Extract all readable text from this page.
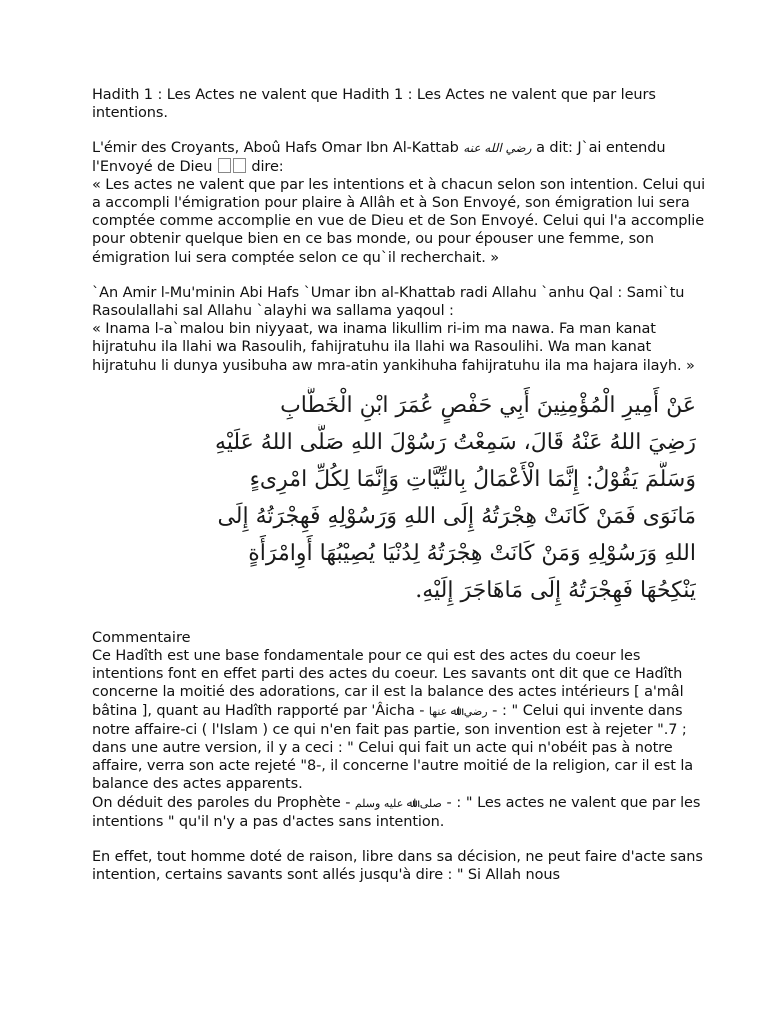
Hadith 1 : Les Actes ne valent que Hadith 1 : Les Actes ne valent que par leurs intentions.

L'émir des Croyants, Aboû Hafs Omar Ibn Al-Kattab رضي الله عنه a dit: J`ai entendu l'Envoyé de Dieu  dire:
« Les actes ne valent que par les intentions et à chacun selon son intention. Celui qui a accompli l'émigration pour plaire à Allâh et à Son Envoyé, son émigration lui sera comptée comme accomplie en vue de Dieu et de Son Envoyé. Celui qui l'a accomplie pour obtenir quelque bien en ce bas monde, ou pour épouser une femme, son émigration lui sera comptée selon ce qu`il recherchait. »

`An Amir l-Mu'minin Abi Hafs `Umar ibn al-Khattab radi Allahu `anhu Qal : Sami`tu Rasoulallahi sal Allahu `alayhi wa sallama yaqoul :
« Inama l-a`malou bin niyyaat, wa inama likullim ri-im ma nawa. Fa man kanat hijratuhu ila llahi wa Rasoulih, fahijratuhu ila llahi wa Rasoulihi. Wa man kanat hijratuhu li dunya yusibuha aw mra-atin yankihuha fahijratuhu ila ma hajara ilayh. »

عَنْ أَمِيرِ الْمُؤْمِنِينَ أَبِي حَفْصٍ عُمَرَ ابْنِ الْخَطَّابِ
رَضِيَ اللهُ عَنْهُ قَالَ، سَمِعْتُ رَسُوْلَ اللهِ صَلَّى اللهُ عَلَيْهِ
وَسَلَّمَ يَقُوْلُ: إِنَّمَا الْأَعْمَالُ بِالنِّيَّاتِ وَإِنَّمَا لِكُلِّ امْرِىءٍ
مَانَوَى فَمَنْ كَانَتْ هِجْرَتُهُ إِلَى اللهِ وَرَسُوْلِهِ فَهِجْرَتُهُ إِلَى
اللهِ وَرَسُوْلِهِ وَمَنْ كَانَتْ هِجْرَتُهُ لِدُنْيَا يُصِيْبُهَا أَوِامْرَأَةٍ
يَنْكِحُهَا فَهِجْرَتُهُ إِلَى مَاهَاجَرَ إِلَيْهِ.

Commentaire

Ce Hadîth est une base fondamentale pour ce qui est des actes du coeur les intentions font en effet parti des actes du coeur. Les savants ont dit que ce Hadîth concerne la moitié des adorations, car il est la balance des actes intérieurs [ a'mâl bâtina ], quant au Hadîth rapporté par 'Âicha - ﺭﺿﻲ ﺍﷲ ﻋﻨﻬﺎ - : " Celui qui invente dans notre affaire-ci ( l'Islam ) ce qui n'en fait pas partie, son invention est à rejeter ".7 ; dans une autre version, il y a ceci : " Celui qui fait un acte qui n'obéit pas à notre affaire, verra son acte rejeté "8-, il concerne l'autre moitié de la religion, car il est la balance des actes apparents.
On déduit des paroles du Prophète - ﺻﻠﻰ ﺍﷲ ﻋﻠﻴﻪ ﻭﺳﻠﻢ - : " Les actes ne valent que par les intentions " qu'il n'y a pas d'actes sans intention.

En effet, tout homme doté de raison, libre dans sa décision, ne peut faire d'acte sans intention, certains savants sont allés jusqu'à dire : " Si Allah nous
